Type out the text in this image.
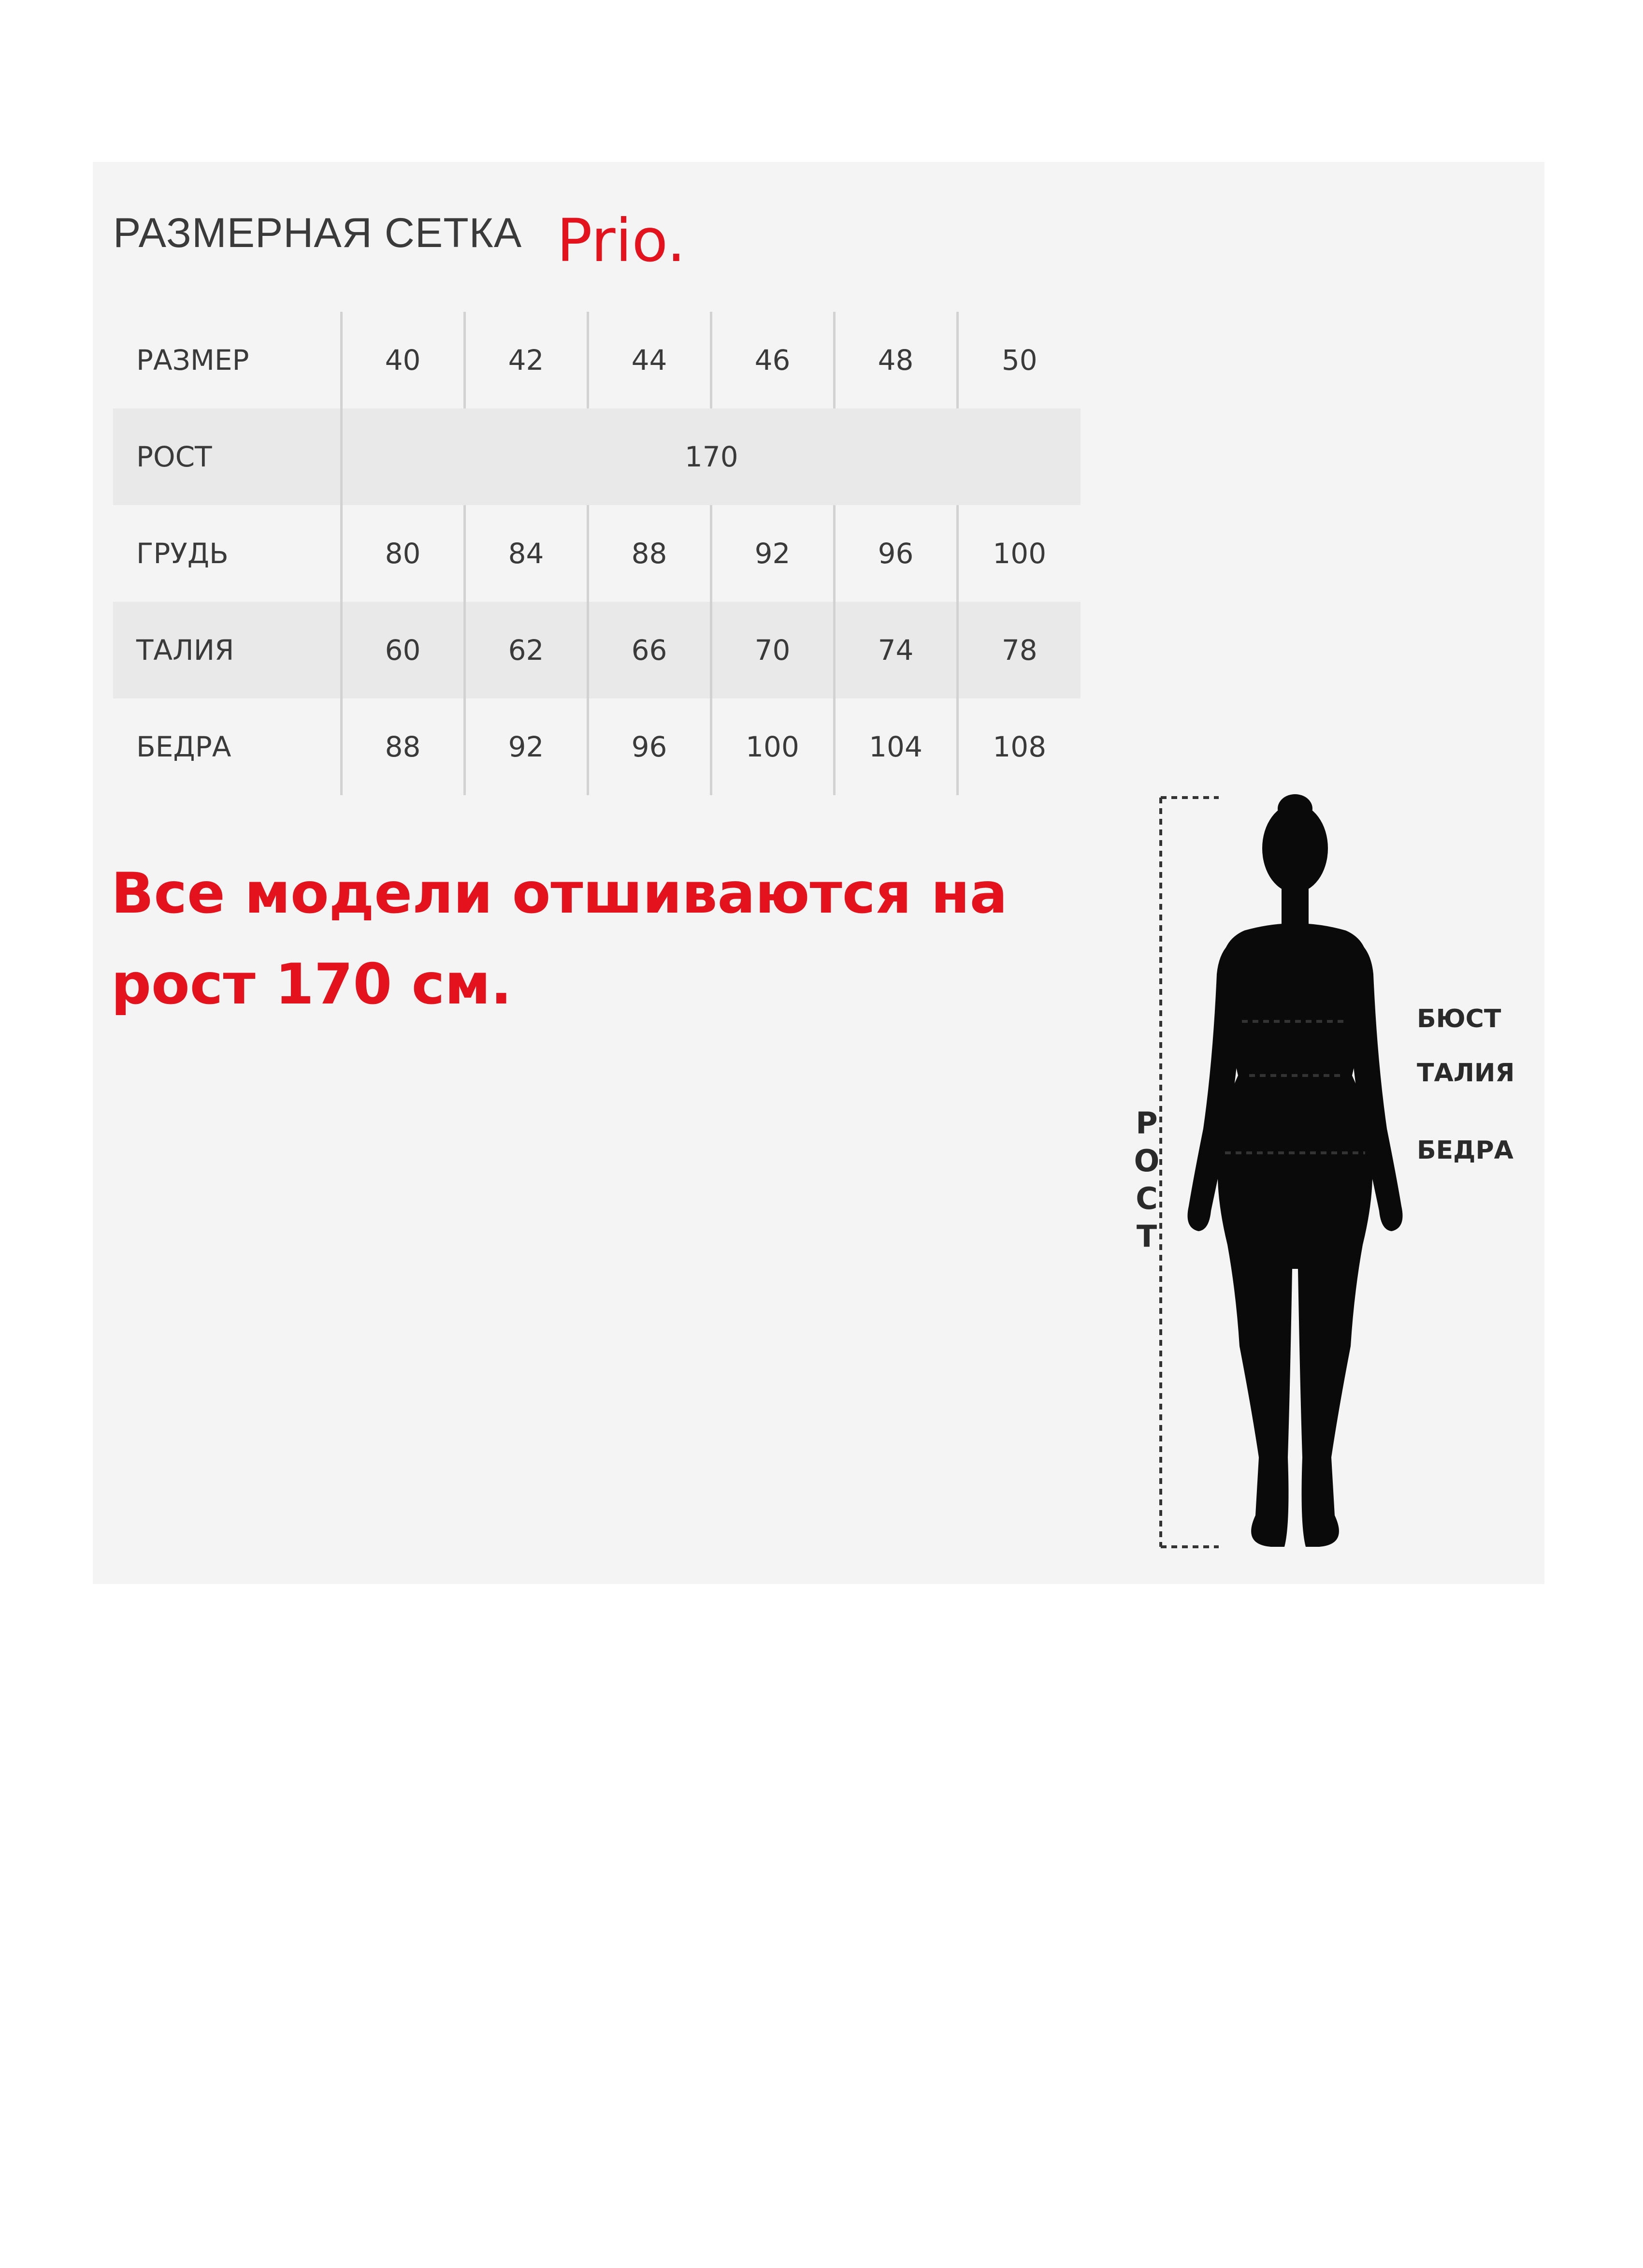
РАЗМЕРНАЯ СЕТКА Prio.
РАЗМЕР	40	42	44	46	48	50
РОСТ	170					
ГРУДЬ	80	84	88	92	96	100
ТАЛИЯ	60	62	66	70	74	78
БЕДРА	88	92	96	100	104	108
Все модели отшиваются на
рост 170 см.
Р
О
С
Т
БЮСТ
ТАЛИЯ
БЕДРА
